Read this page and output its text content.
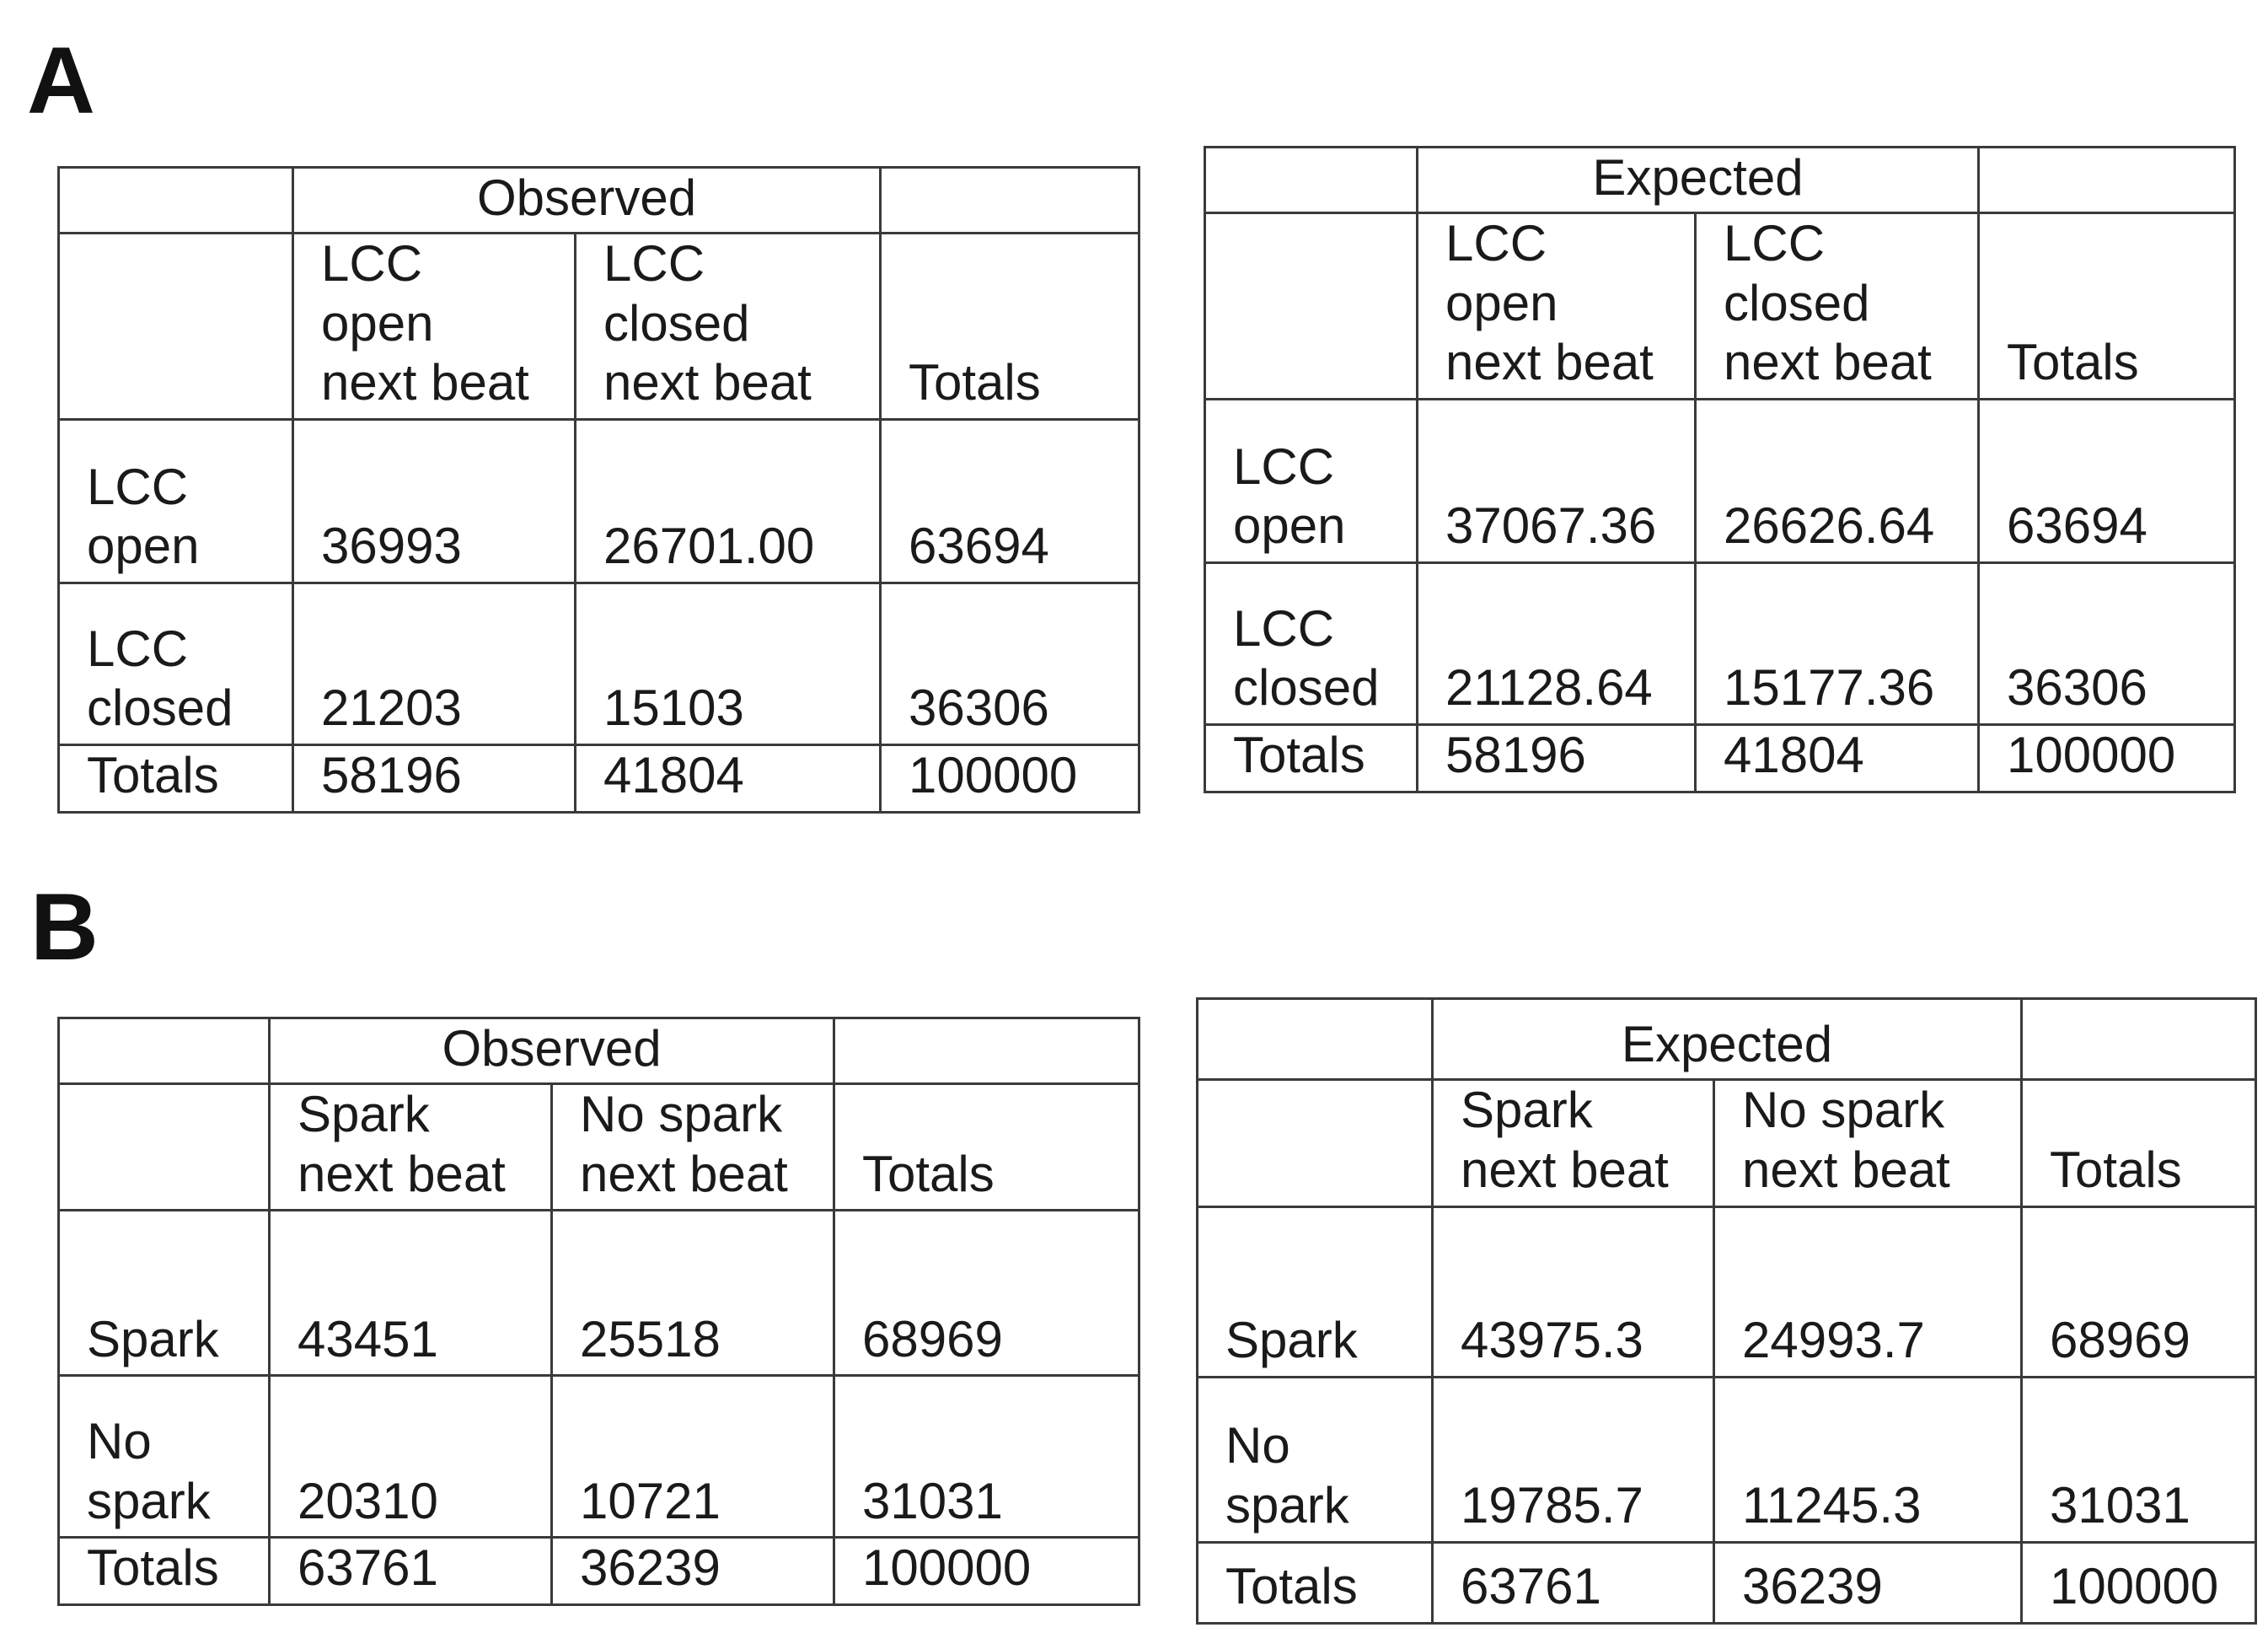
A
B
	Observed		
	LCC
open
next beat	LCC
closed
next beat	Totals
LCC
open	36993	26701.00	63694
LCC
closed	21203	15103	36306
Totals	58196	41804	100000
	Expected		
	LCC
open
next beat	LCC
closed
next beat	Totals
LCC
open	37067.36	26626.64	63694
LCC
closed	21128.64	15177.36	36306
Totals	58196	41804	100000
	Observed		
	Spark
next beat	No spark
next beat	Totals
Spark	43451	25518	68969
No
spark	20310	10721	31031
Totals	63761	36239	100000
	Expected		
	Spark
next beat	No spark
next beat	Totals
Spark	43975.3	24993.7	68969
No
spark	19785.7	11245.3	31031
Totals	63761	36239	100000
